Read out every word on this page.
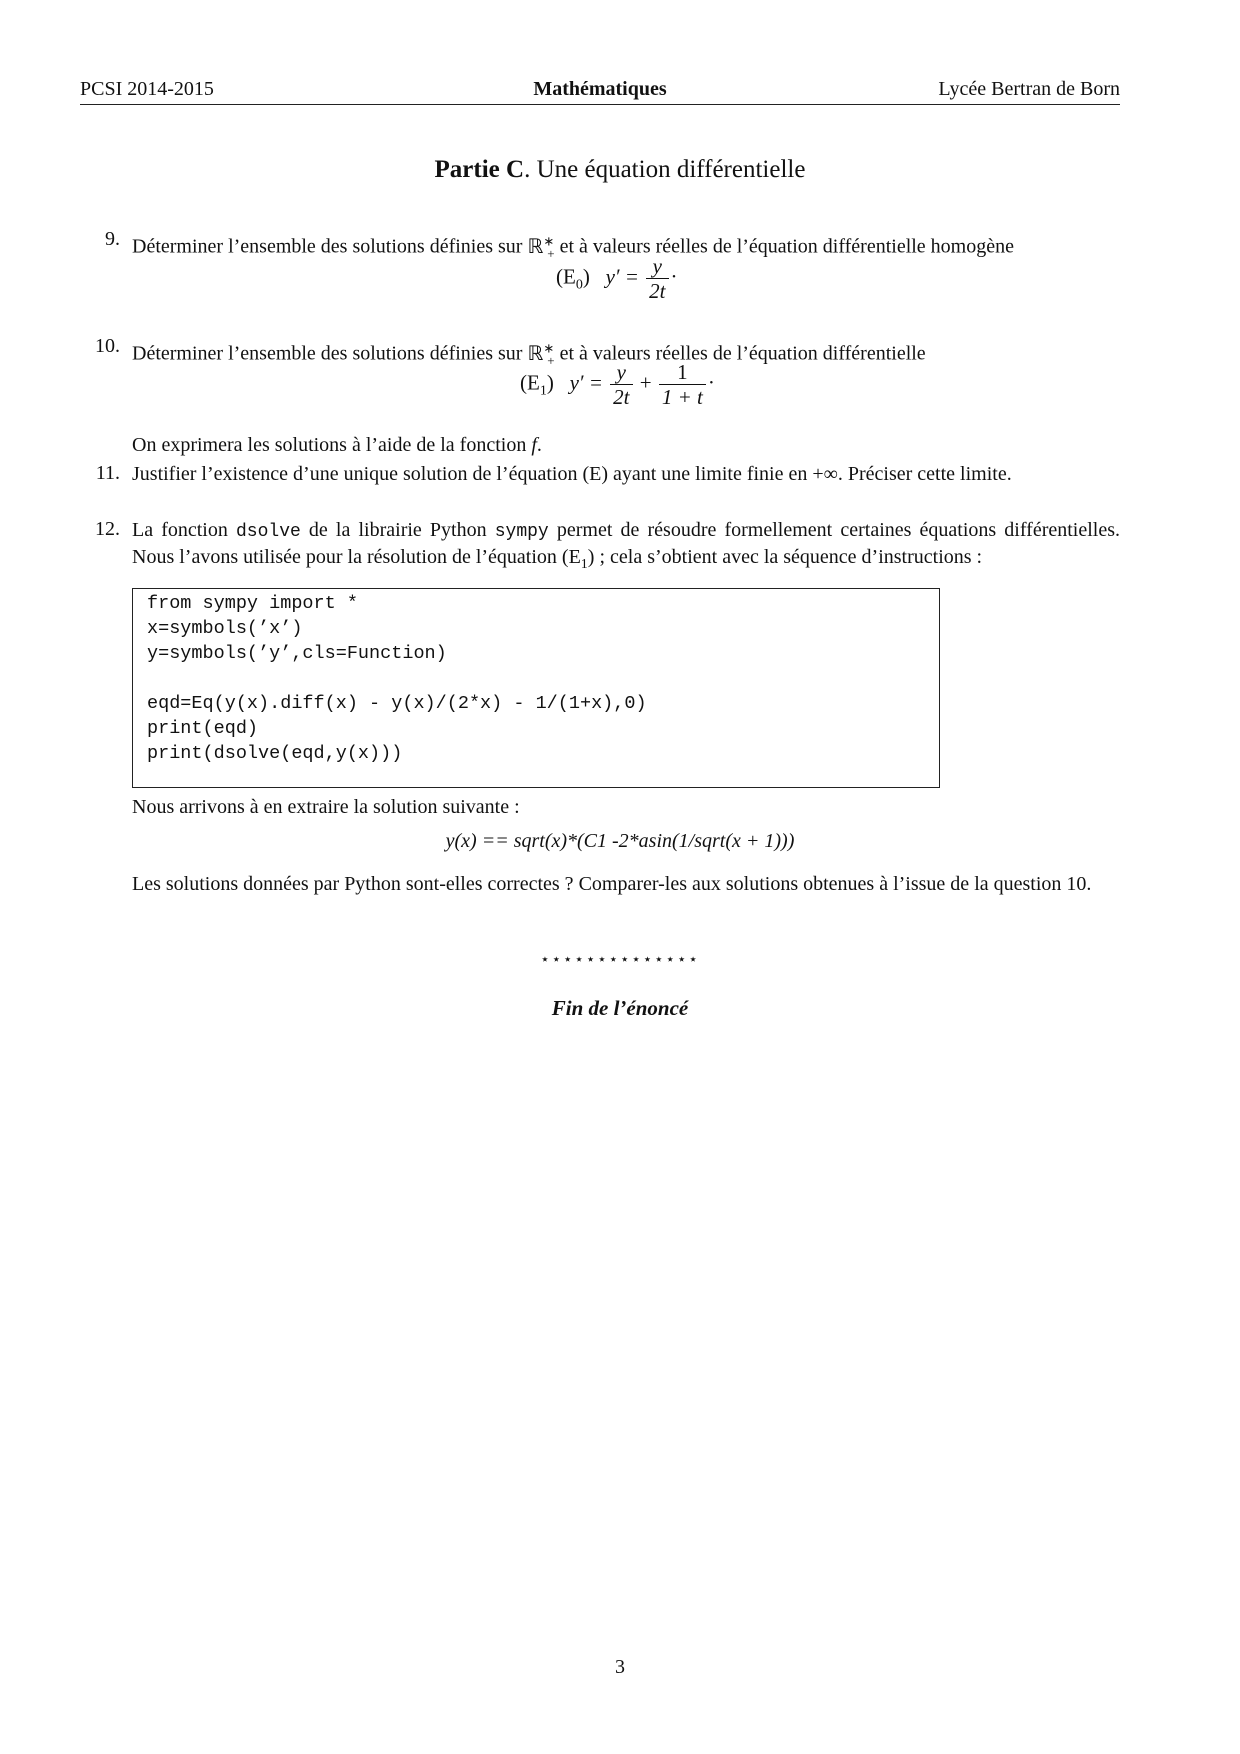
PCSI 2014-2015	Mathématiques	Lycée Bertran de Born
Partie C. Une équation différentielle
9. Déterminer l’ensemble des solutions définies sur ℝ∗$_+$ et à valeurs réelles de l’équation différentielle homogène
$(E_0) y' = \frac{y}{2t}$ ·
10. Déterminer l’ensemble des solutions définies sur ℝ∗$_+$ et à valeurs réelles de l’équation différentielle
$(E_1) y' = \frac{y}{2t} + \frac{1}{1 + t}$ ·
On exprimera les solutions à l’aide de la fonction f.
11. Justifier l’existence d’une unique solution de l’équation (E) ayant une limite finie en +∞. Préciser cette limite.
12. La fonction dsolve de la librairie Python sympy permet de résoudre formellement certaines équations différentielles. Nous l’avons utilisée pour la résolution de l’équation $(E_1)$ ; cela s’obtient avec la séquence d’instructions :
from sympy import *
x=symbols(’x’)
y=symbols(’y’,cls=Function)
eqd=Eq(y(x).diff(x) - y(x)/(2*x) - 1/(1+x),0)
print(eqd)
print(dsolve(eqd,y(x)))
Nous arrivons à en extraire la solution suivante :
y(x) == sqrt(x)*(C1 -2*asin(1/sqrt(x + 1)))
Les solutions données par Python sont-elles correctes ? Comparer-les aux solutions obtenues à l’issue de la question 10.
⋆⋆⋆⋆⋆⋆⋆⋆⋆⋆⋆⋆⋆⋆
Fin de l’énoncé
3
